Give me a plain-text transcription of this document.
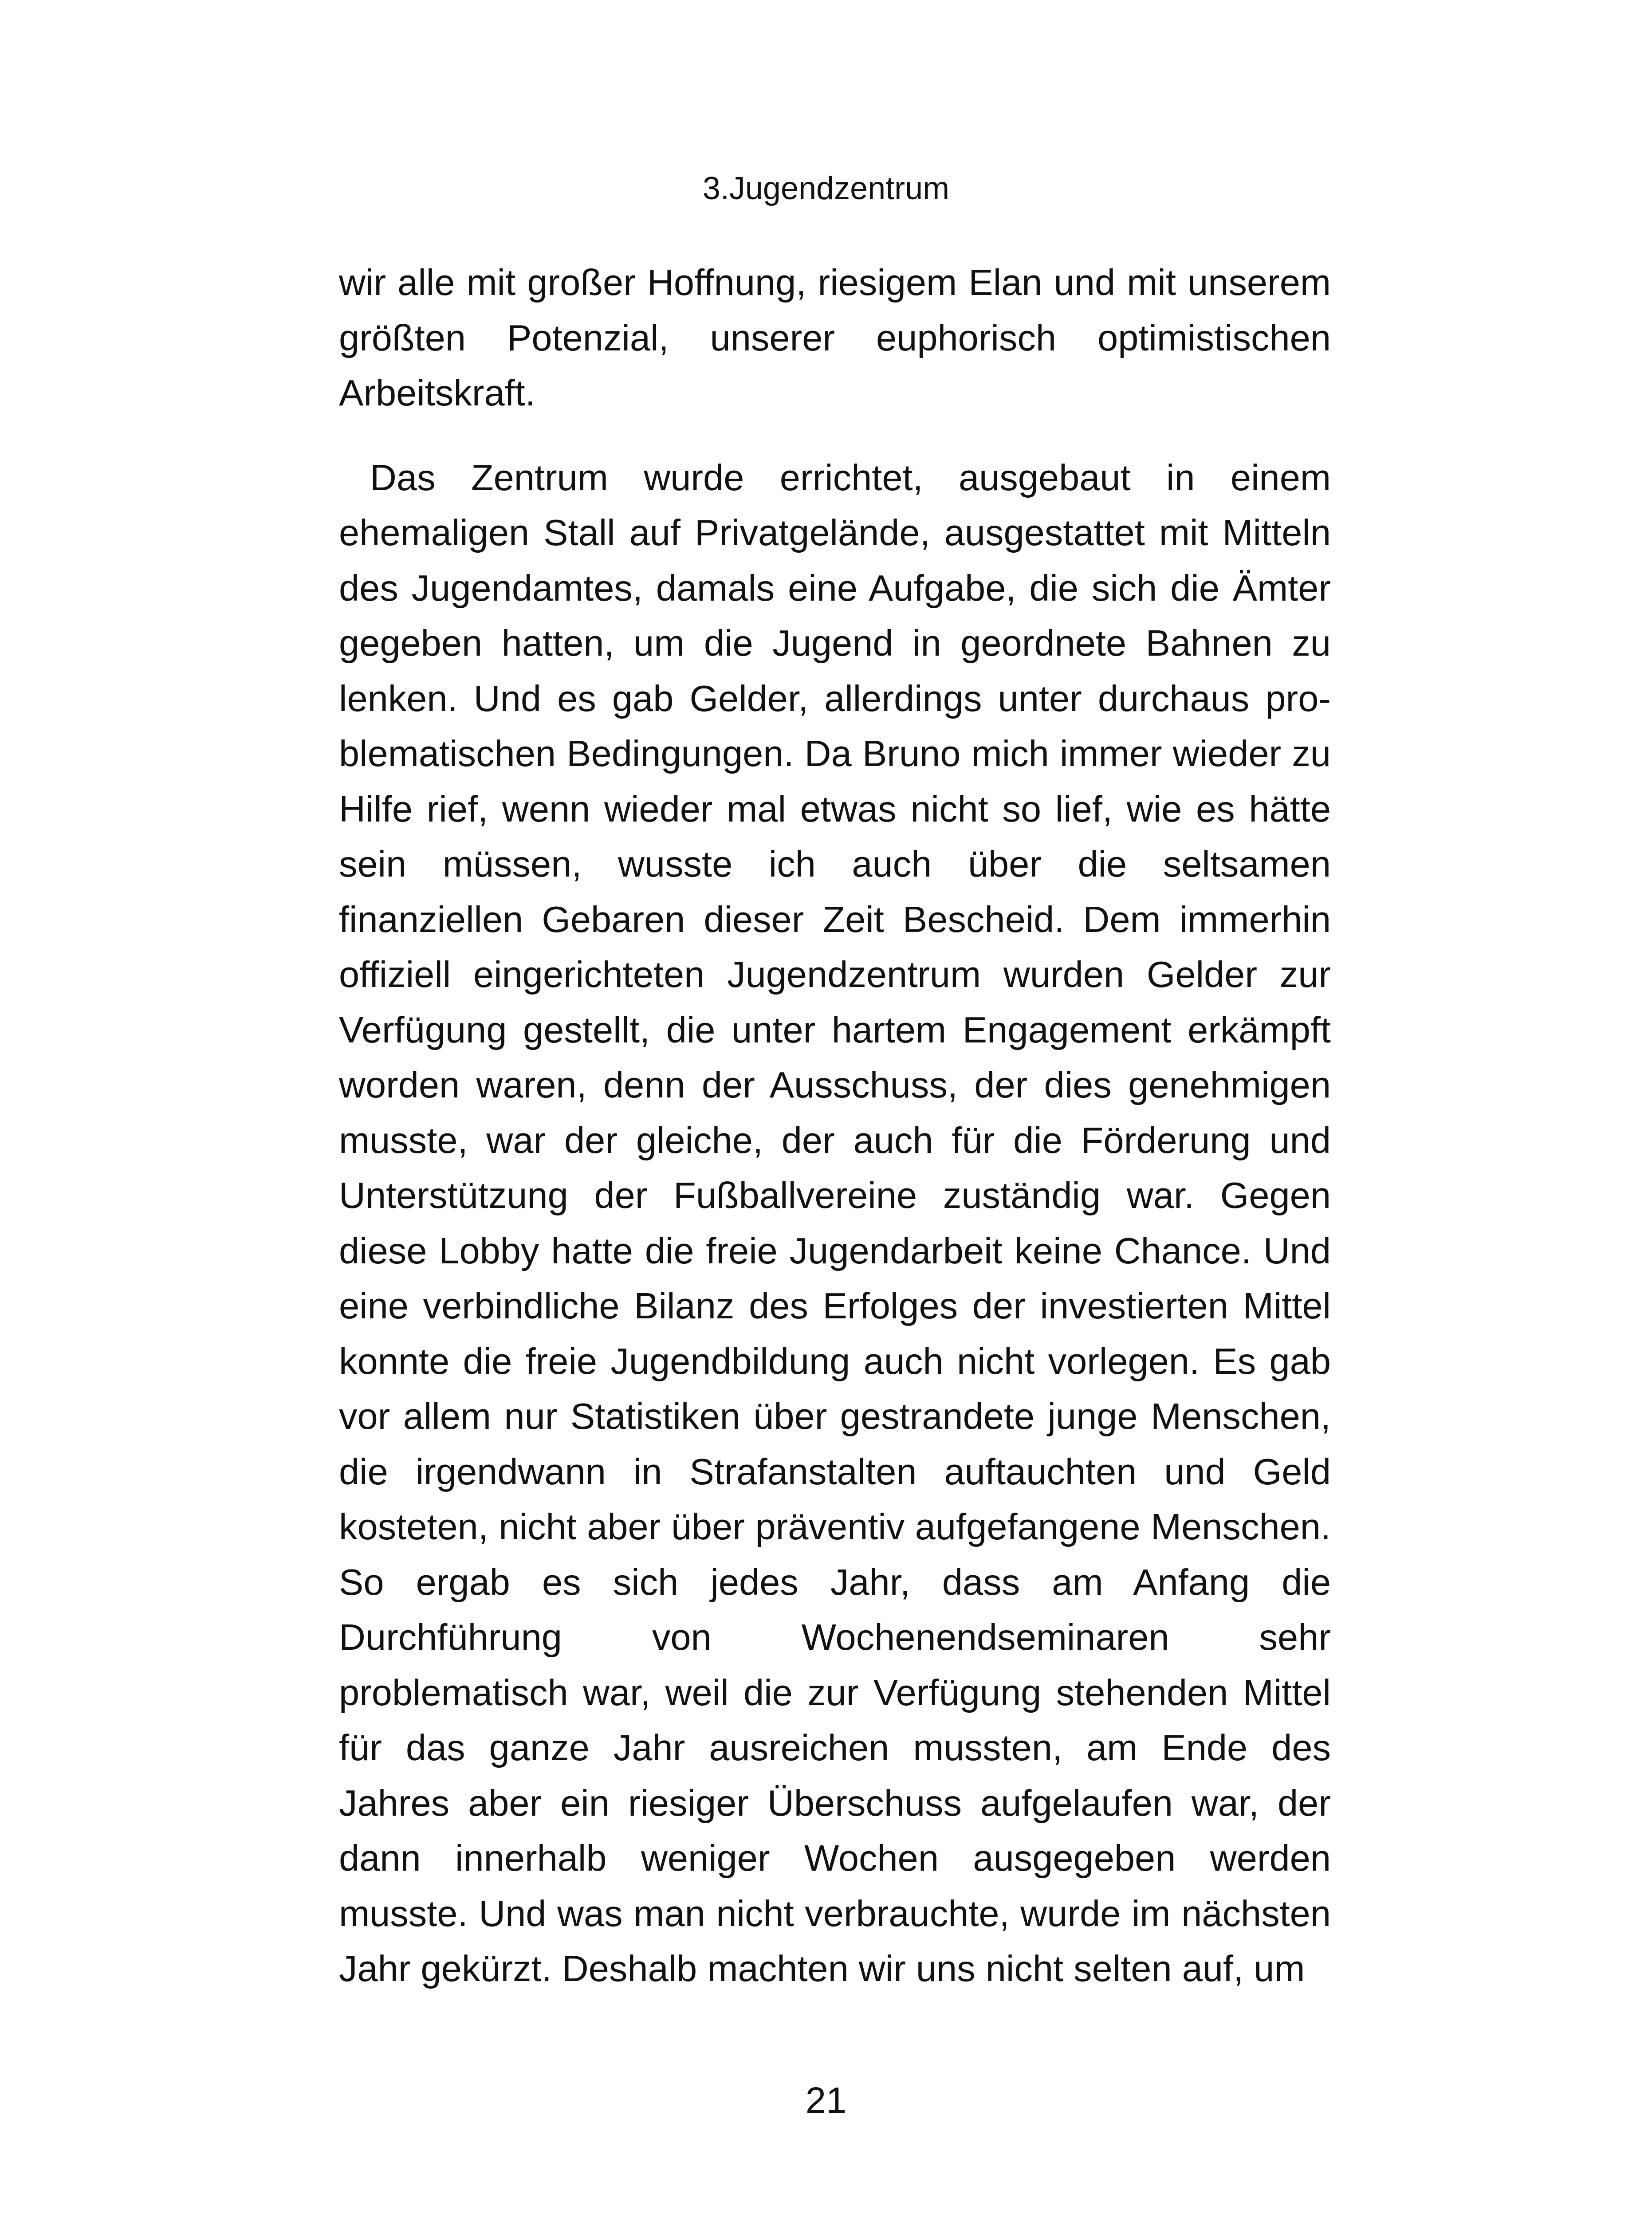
3.Jugendzentrum

wir alle mit großer Hoffnung, riesigem Elan und mit unserem größten Potenzial, unserer euphorisch optimistischen Arbeitskraft.

Das Zentrum wurde errichtet, ausgebaut in einem ehemaligen Stall auf Privatgelände, ausgestattet mit Mitteln des Jugendamtes, damals eine Aufgabe, die sich die Ämter gegeben hatten, um die Jugend in geordnete Bahnen zu lenken. Und es gab Gelder, allerdings unter durchaus problematischen Bedingungen. Da Bruno mich immer wieder zu Hilfe rief, wenn wieder mal etwas nicht so lief, wie es hätte sein müssen, wusste ich auch über die seltsamen finanziellen Gebaren dieser Zeit Bescheid. Dem immerhin offiziell eingerichteten Jugendzentrum wurden Gelder zur Verfügung gestellt, die unter hartem Engagement erkämpft worden waren, denn der Ausschuss, der dies genehmigen musste, war der gleiche, der auch für die Förderung und Unterstützung der Fußballvereine zuständig war. Gegen diese Lobby hatte die freie Jugendarbeit keine Chance. Und eine verbindliche Bilanz des Erfolges der investierten Mittel konnte die freie Jugendbildung auch nicht vorlegen. Es gab vor allem nur Statistiken über gestrandete junge Menschen, die irgendwann in Strafanstalten auftauchten und Geld kosteten, nicht aber über präventiv aufgefangene Menschen. So ergab es sich jedes Jahr, dass am Anfang die Durchführung von Wochenendseminaren sehr problematisch war, weil die zur Verfügung stehenden Mittel für das ganze Jahr ausreichen mussten, am Ende des Jahres aber ein riesiger Überschuss aufgelaufen war, der dann innerhalb weniger Wochen ausgegeben werden musste. Und was man nicht verbrauchte, wurde im nächsten Jahr gekürzt. Deshalb machten wir uns nicht selten auf, um

21
